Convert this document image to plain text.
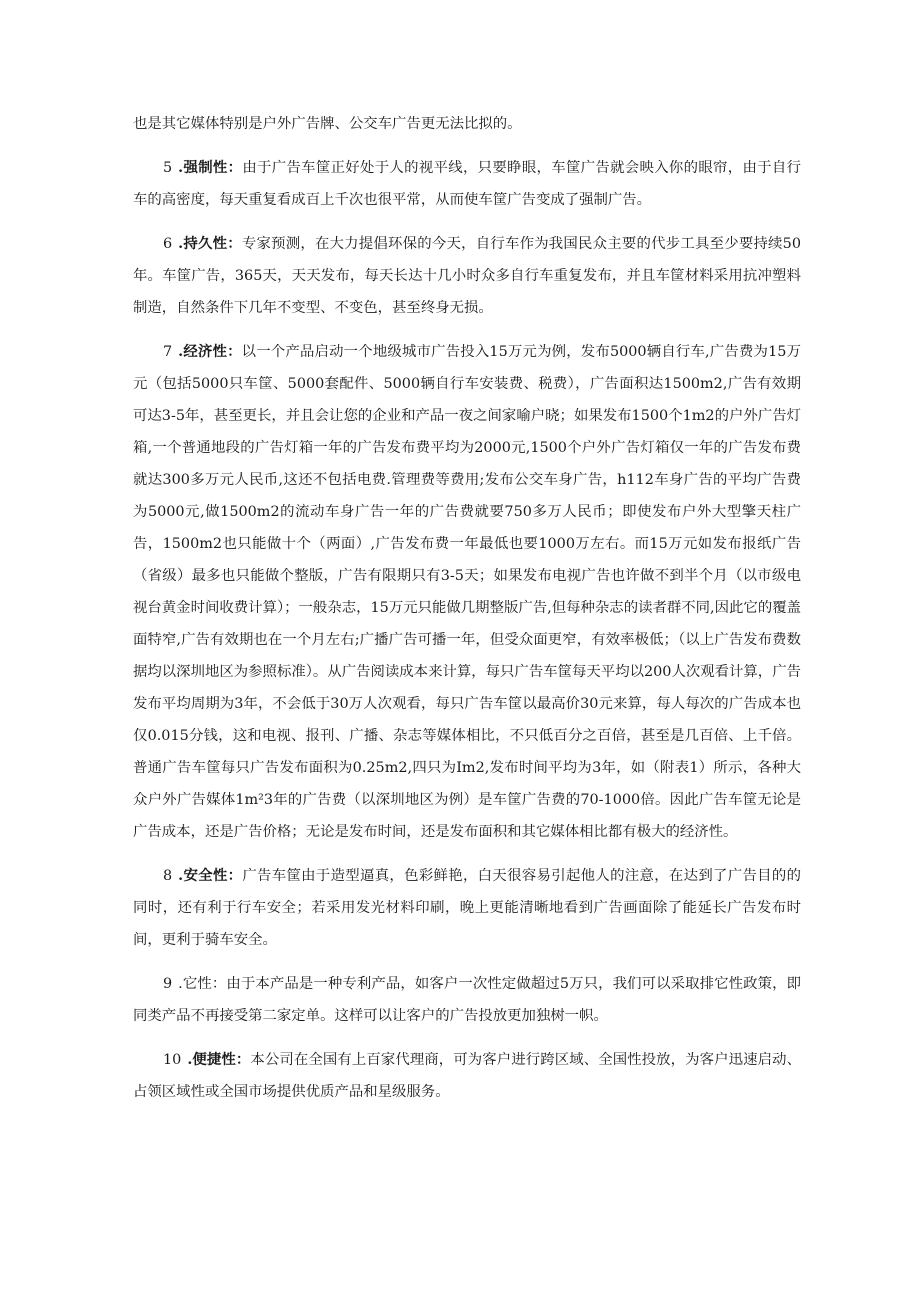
也是其它媒体特别是户外广告牌、公交车广告更无法比拟的。

5 .强制性：由于广告车筐正好处于人的视平线，只要睁眼，车筐广告就会映入你的眼帘，由于自行车的高密度，每天重复看成百上千次也很平常，从而使车筐广告变成了强制广告。

6 .持久性：专家预测，在大力提倡环保的今天，自行车作为我国民众主要的代步工具至少要持续50年。车筐广告，365天，天天发布，每天长达十几小时众多自行车重复发布，并且车筐材料采用抗冲塑料制造，自然条件下几年不变型、不变色，甚至终身无损。

7 .经济性：以一个产品启动一个地级城市广告投入15万元为例，发布5000辆自行车,广告费为15万元（包括5000只车筐、5000套配件、5000辆自行车安装费、税费），广告面积达1500m2,广告有效期可达3-5年，甚至更长，并且会让您的企业和产品一夜之间家喻户晓；如果发布1500个1m2的户外广告灯箱,一个普通地段的广告灯箱一年的广告发布费平均为2000元,1500个户外广告灯箱仅一年的广告发布费就达300多万元人民币,这还不包括电费.管理费等费用;发布公交车身广告，h112车身广告的平均广告费为5000元,做1500m2的流动车身广告一年的广告费就要750多万人民币；即使发布户外大型擎天柱广告，1500m2也只能做十个（两面）,广告发布费一年最低也要1000万左右。而15万元如发布报纸广告（省级）最多也只能做个整版，广告有限期只有3-5天；如果发布电视广告也许做不到半个月（以市级电视台黄金时间收费计算）；一般杂志，15万元只能做几期整版广告,但每种杂志的读者群不同,因此它的覆盖面特窄,广告有效期也在一个月左右;广播广告可播一年，但受众面更窄，有效率极低；（以上广告发布费数据均以深圳地区为参照标准）。从广告阅读成本来计算，每只广告车筐每天平均以200人次观看计算，广告发布平均周期为3年，不会低于30万人次观看，每只广告车筐以最高价30元来算，每人每次的广告成本也仅0.015分钱，这和电视、报刊、广播、杂志等媒体相比，不只低百分之百倍，甚至是几百倍、上千倍。普通广告车筐每只广告发布面积为0.25m2,四只为Im2,发布时间平均为3年，如（附表1）所示，各种大众户外广告媒体1m²3年的广告费（以深圳地区为例）是车筐广告费的70-1000倍。因此广告车筐无论是广告成本，还是广告价格；无论是发布时间，还是发布面积和其它媒体相比都有极大的经济性。

8 .安全性：广告车筐由于造型逼真，色彩鲜艳，白天很容易引起他人的注意，在达到了广告目的的同时，还有利于行车安全；若采用发光材料印刷，晚上更能清晰地看到广告画面除了能延长广告发布时间，更利于骑车安全。

9 .它性：由于本产品是一种专利产品，如客户一次性定做超过5万只，我们可以采取排它性政策，即同类产品不再接受第二家定单。这样可以让客户的广告投放更加独树一帜。

10 .便捷性：本公司在全国有上百家代理商，可为客户进行跨区域、全国性投放，为客户迅速启动、占领区域性或全国市场提供优质产品和星级服务。
